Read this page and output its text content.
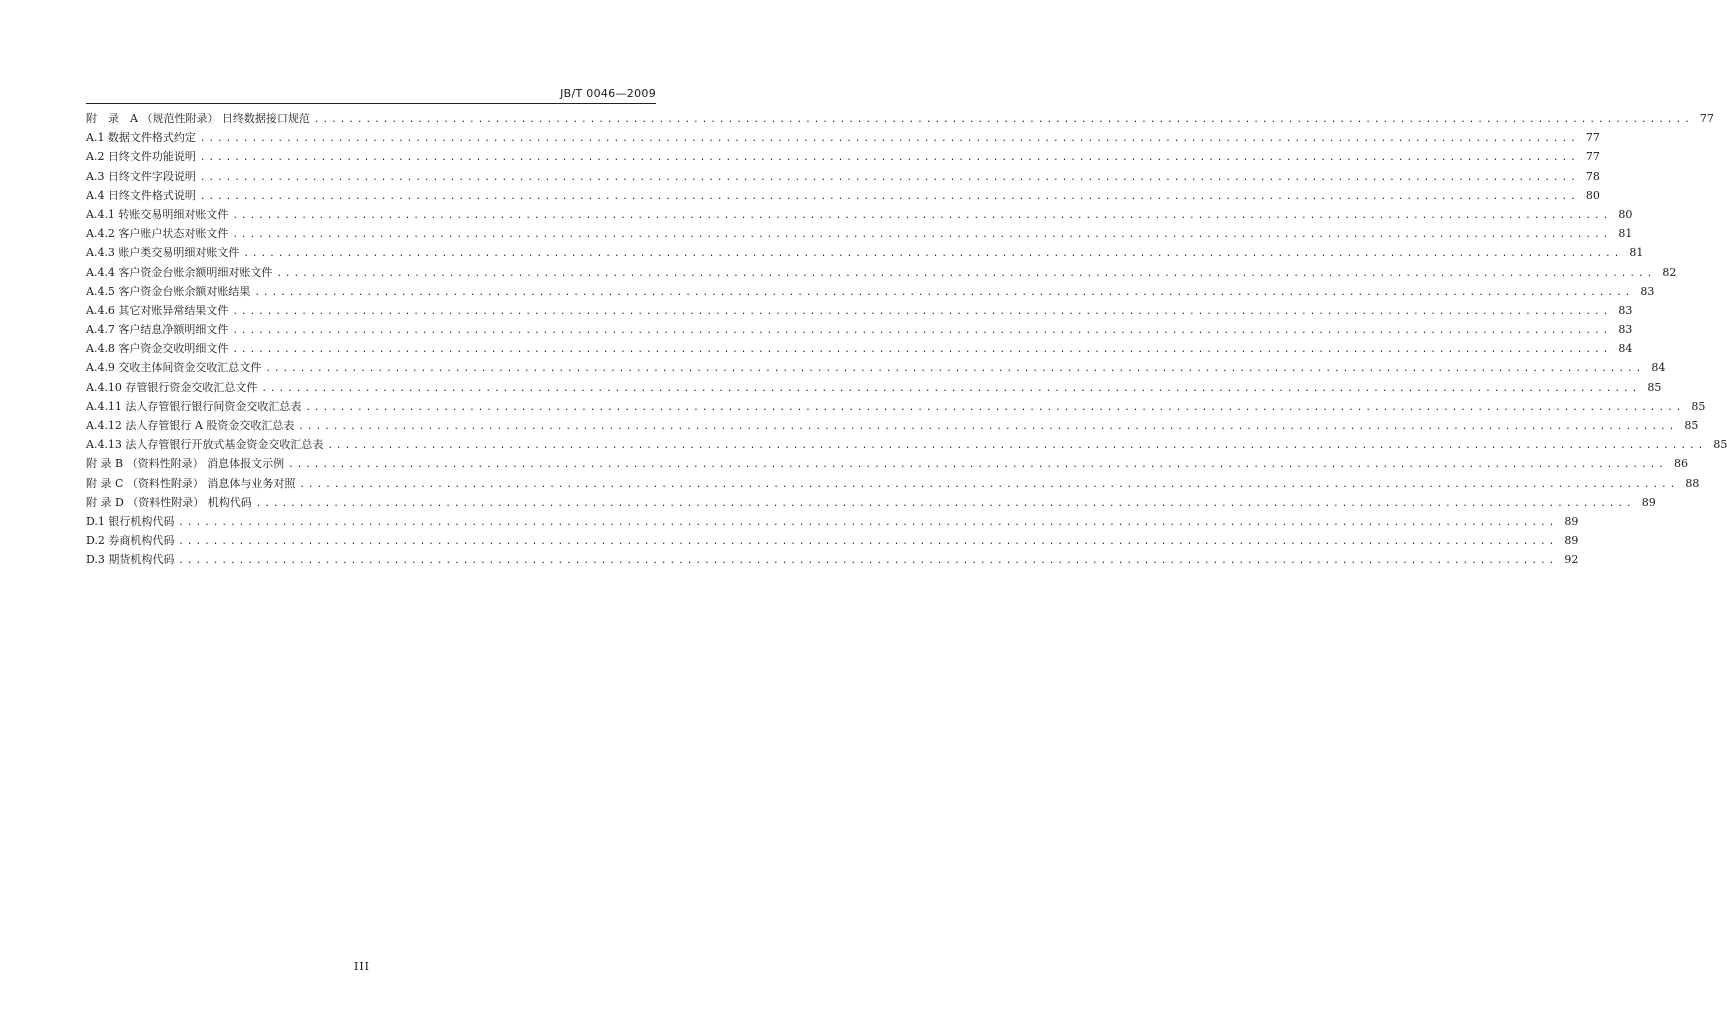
JB/T 0046—2009
附　录　A （规范性附录） 日终数据接口规范 ................................................................................................................................................................ 77
A.1 数据文件格式约定 ................................................................................................................................................................ 77
A.2 日终文件功能说明 ................................................................................................................................................................ 77
A.3 日终文件字段说明 ................................................................................................................................................................ 78
A.4 日终文件格式说明 ................................................................................................................................................................ 80
A.4.1 转账交易明细对账文件 ................................................................................................................................................................ 80
A.4.2 客户账户状态对账文件 ................................................................................................................................................................ 81
A.4.3 账户类交易明细对账文件 ................................................................................................................................................................ 81
A.4.4 客户资金台账余额明细对账文件 ................................................................................................................................................................ 82
A.4.5 客户资金台账余额对账结果 ................................................................................................................................................................ 83
A.4.6 其它对账异常结果文件 ................................................................................................................................................................ 83
A.4.7 客户结息净额明细文件 ................................................................................................................................................................ 83
A.4.8 客户资金交收明细文件 ................................................................................................................................................................ 84
A.4.9 交收主体间资金交收汇总文件 ................................................................................................................................................................ 84
A.4.10 存管银行资金交收汇总文件 ................................................................................................................................................................ 85
A.4.11 法人存管银行银行间资金交收汇总表 ................................................................................................................................................................ 85
A.4.12 法人存管银行 A 股资金交收汇总表 ................................................................................................................................................................ 85
A.4.13 法人存管银行开放式基金资金交收汇总表 ................................................................................................................................................................ 85
附 录 B （资料性附录） 消息体报文示例 ................................................................................................................................................................ 86
附 录 C （资料性附录） 消息体与业务对照 ................................................................................................................................................................ 88
附 录 D （资料性附录） 机构代码 ................................................................................................................................................................ 89
D.1 银行机构代码 ................................................................................................................................................................ 89
D.2 券商机构代码 ................................................................................................................................................................ 89
D.3 期货机构代码 ................................................................................................................................................................ 92
III
